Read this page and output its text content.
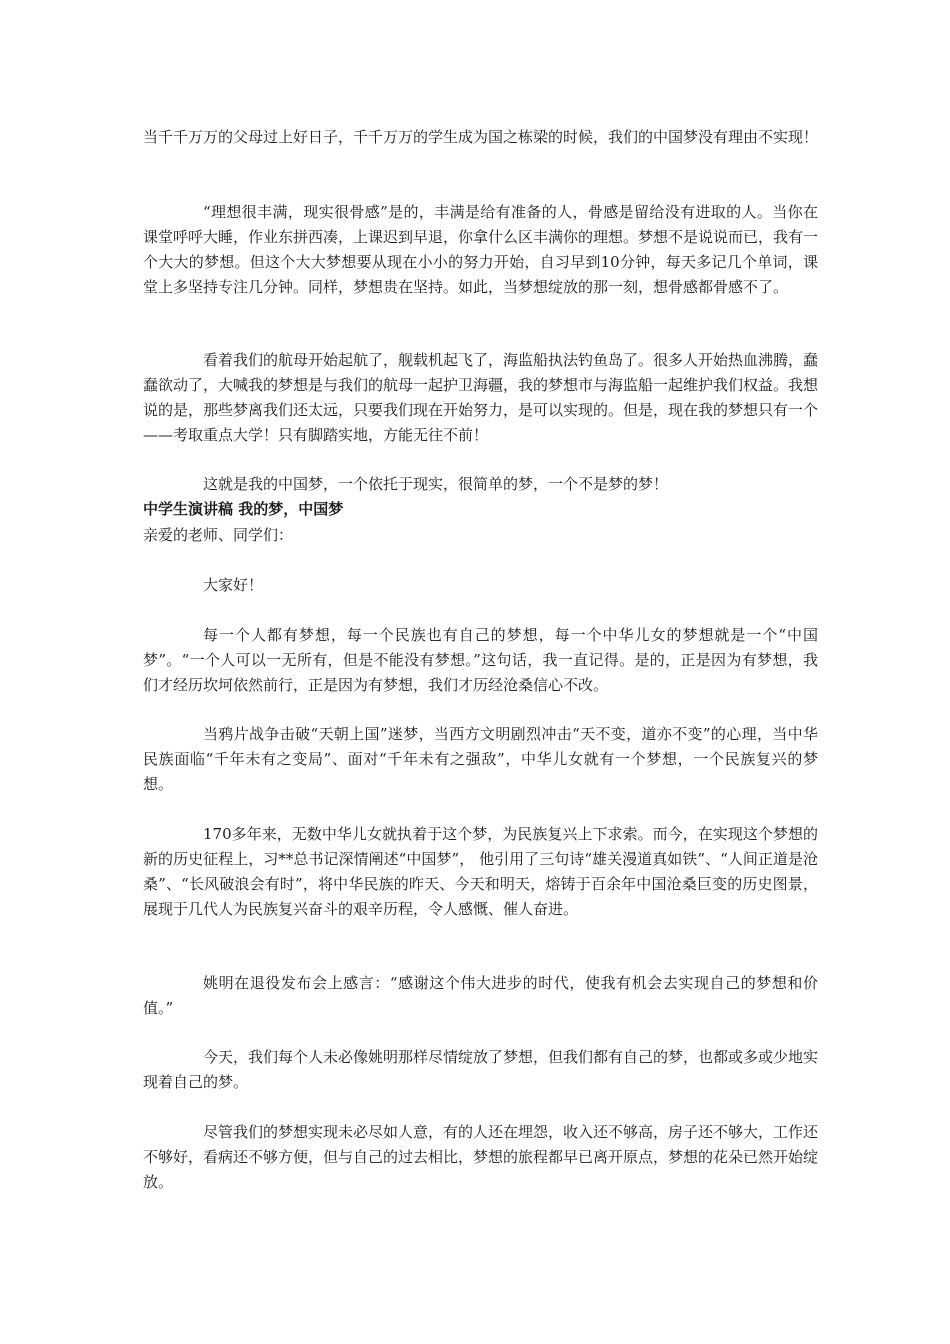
当千千万万的父母过上好日子，千千万万的学生成为国之栋梁的时候，我们的中国梦没有理由不实现！

“理想很丰满，现实很骨感”是的，丰满是给有准备的人，骨感是留给没有进取的人。当你在课堂呼呼大睡，作业东拼西凑，上课迟到早退，你拿什么区丰满你的理想。梦想不是说说而已，我有一个大大的梦想。但这个大大梦想要从现在小小的努力开始，自习早到10分钟，每天多记几个单词，课堂上多坚持专注几分钟。同样，梦想贵在坚持。如此，当梦想绽放的那一刻，想骨感都骨感不了。

看着我们的航母开始起航了，舰载机起飞了，海监船执法钓鱼岛了。很多人开始热血沸腾，蠢蠢欲动了，大喊我的梦想是与我们的航母一起护卫海疆，我的梦想市与海监船一起维护我们权益。我想说的是，那些梦离我们还太远，只要我们现在开始努力，是可以实现的。但是，现在我的梦想只有一个——考取重点大学！只有脚踏实地，方能无往不前！

这就是我的中国梦，一个依托于现实，很简单的梦，一个不是梦的梦！

中学生演讲稿 我的梦，中国梦

亲爱的老师、同学们：

大家好！

每一个人都有梦想，每一个民族也有自己的梦想，每一个中华儿女的梦想就是一个“中国梦”。“一个人可以一无所有，但是不能没有梦想。”这句话，我一直记得。是的，正是因为有梦想，我们才经历坎坷依然前行，正是因为有梦想，我们才历经沧桑信心不改。

当鸦片战争击破“天朝上国”迷梦，当西方文明剧烈冲击“天不变，道亦不变”的心理，当中华民族面临“千年未有之变局”、面对“千年未有之强敌”，中华儿女就有一个梦想，一个民族复兴的梦想。

170多年来，无数中华儿女就执着于这个梦，为民族复兴上下求索。而今，在实现这个梦想的新的历史征程上，习**总书记深情阐述“中国梦”， 他引用了三句诗“雄关漫道真如铁”、“人间正道是沧桑”、“长风破浪会有时”，将中华民族的昨天、今天和明天，熔铸于百余年中国沧桑巨变的历史图景，展现于几代人为民族复兴奋斗的艰辛历程，令人感慨、催人奋进。

姚明在退役发布会上感言：“感谢这个伟大进步的时代，使我有机会去实现自己的梦想和价值。”

今天，我们每个人未必像姚明那样尽情绽放了梦想，但我们都有自己的梦，也都或多或少地实现着自己的梦。

尽管我们的梦想实现未必尽如人意，有的人还在埋怨，收入还不够高，房子还不够大，工作还不够好，看病还不够方便，但与自己的过去相比，梦想的旅程都早已离开原点，梦想的花朵已然开始绽放。
